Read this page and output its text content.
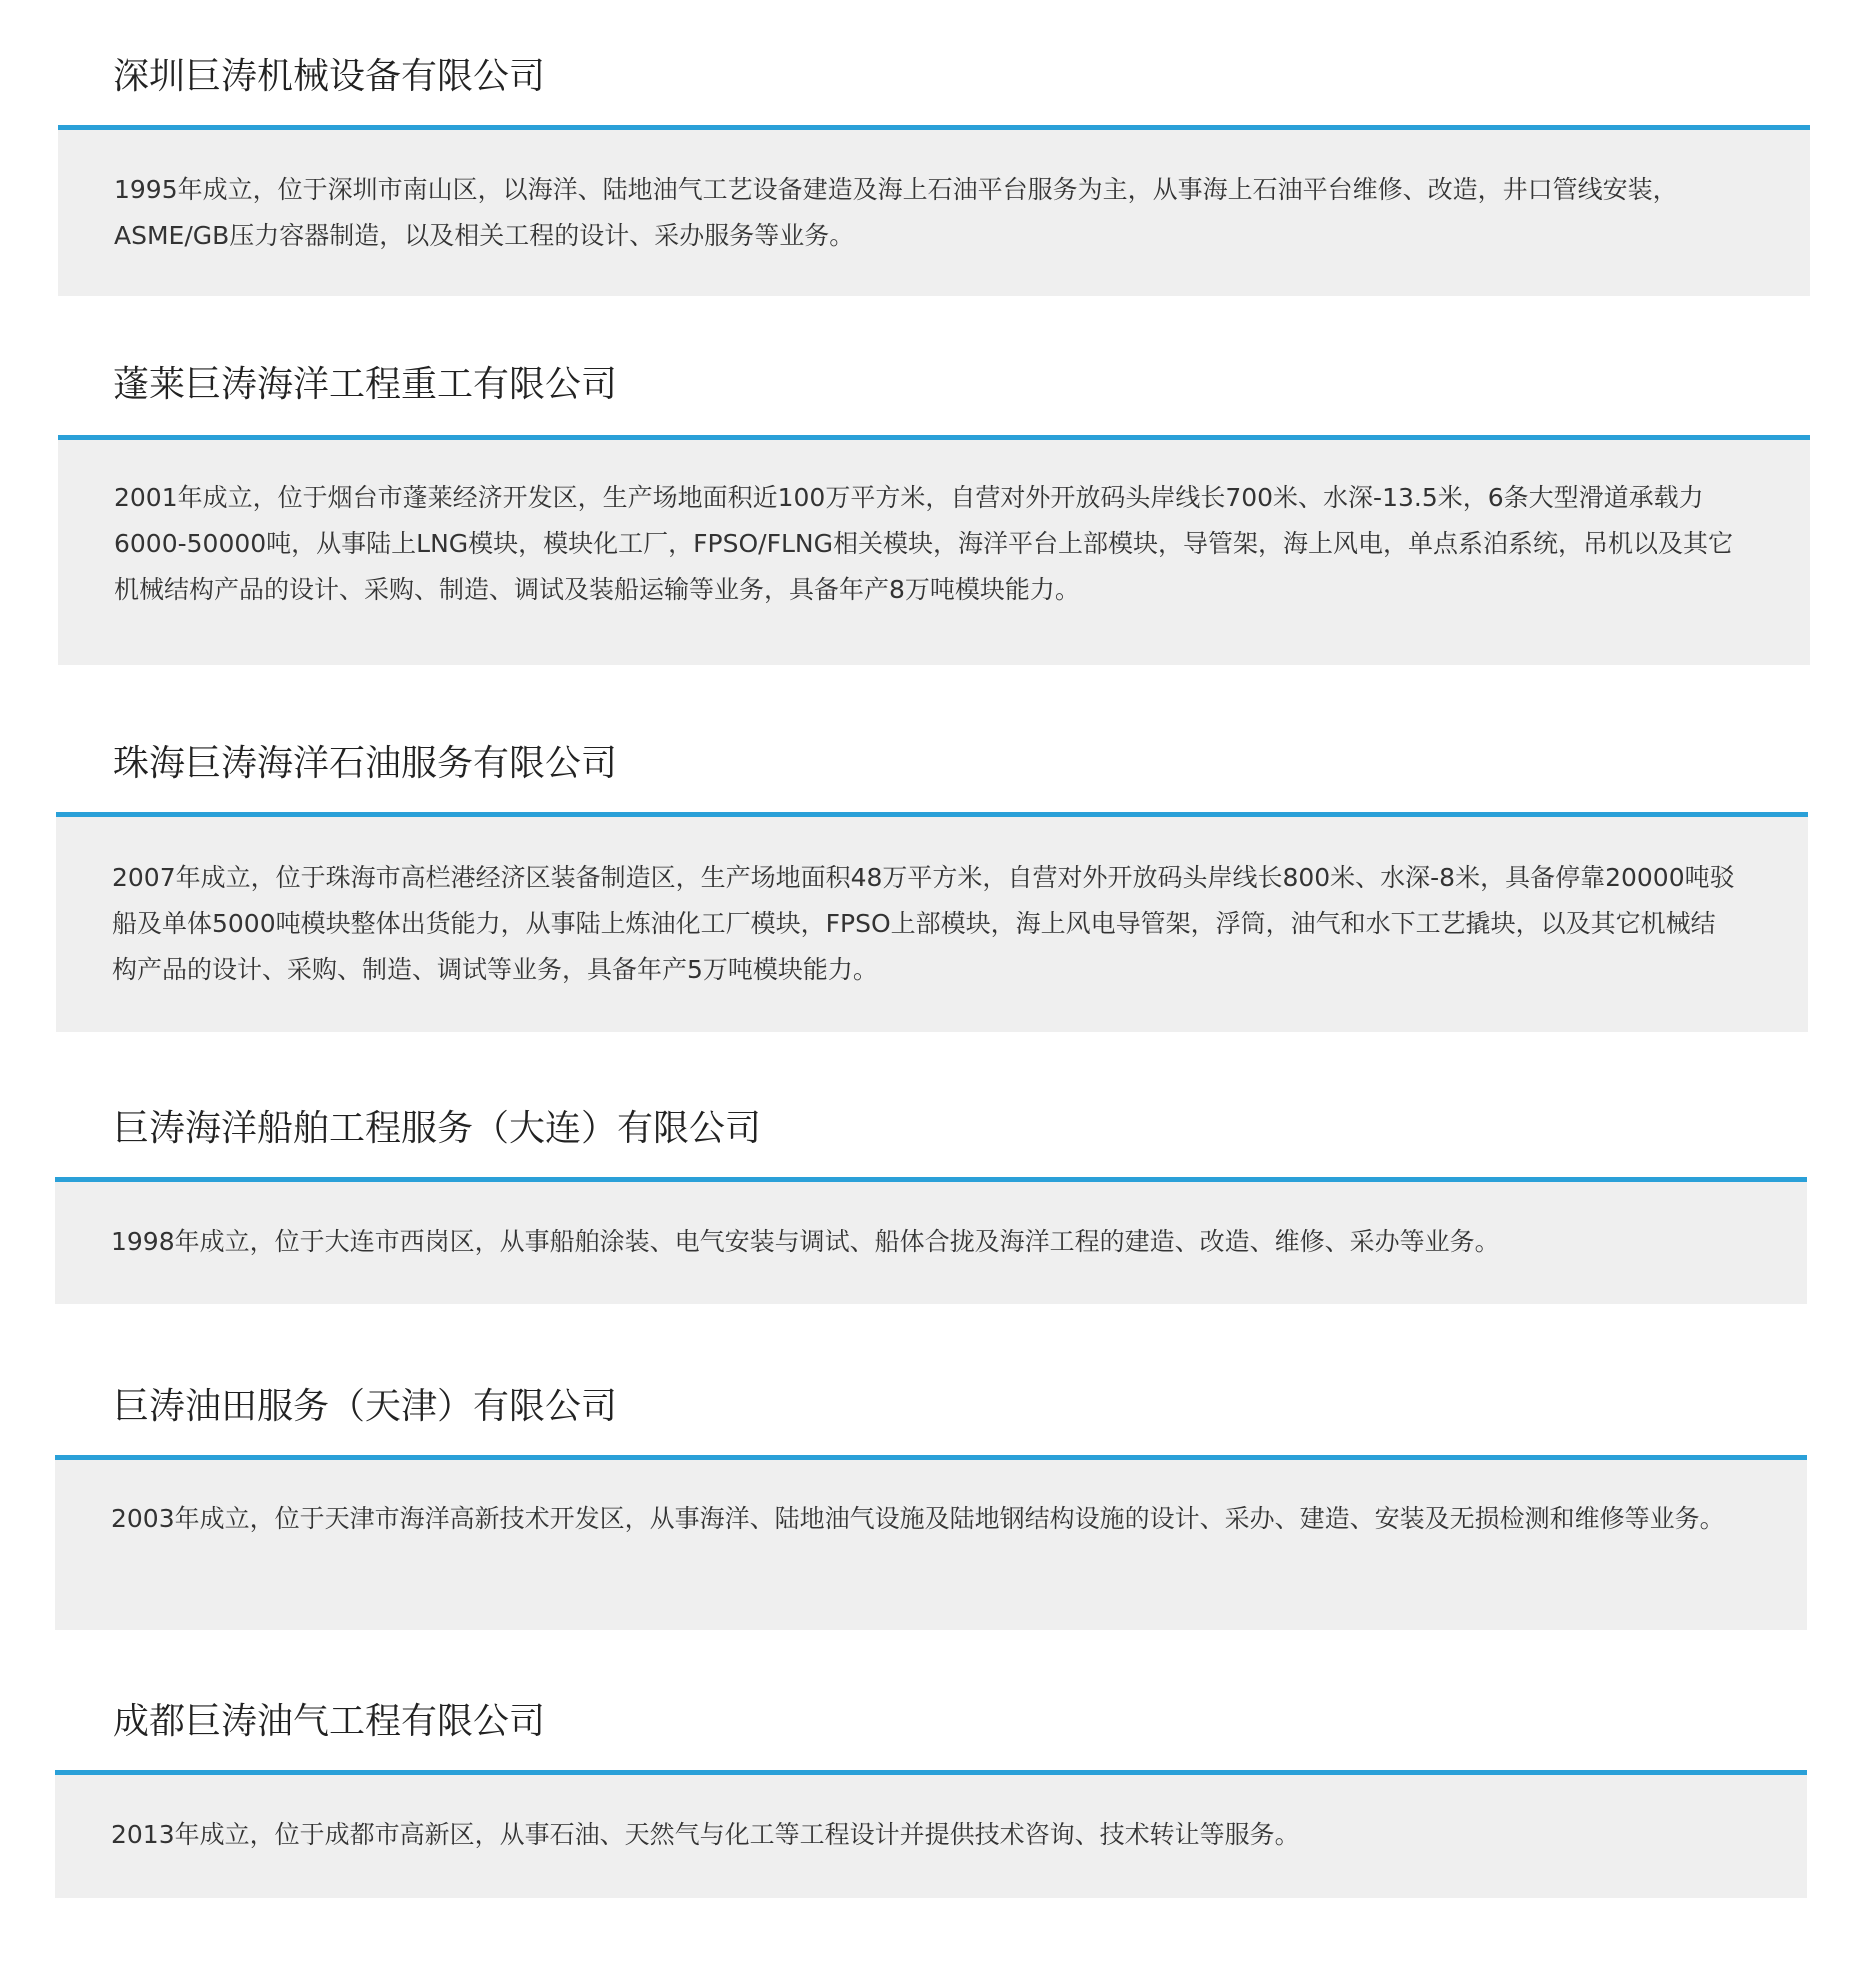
深圳巨涛机械设备有限公司

1995年成立，位于深圳市南山区，以海洋、陆地油气工艺设备建造及海上石油平台服务为主，从事海上石油平台维修、改造，井口管线安装，ASME/GB压力容器制造，以及相关工程的设计、采办服务等业务。

蓬莱巨涛海洋工程重工有限公司

2001年成立，位于烟台市蓬莱经济开发区，生产场地面积近100万平方米，自营对外开放码头岸线长700米、水深-13.5米，6条大型滑道承载力6000-50000吨，从事陆上LNG模块，模块化工厂，FPSO/FLNG相关模块，海洋平台上部模块，导管架，海上风电，单点系泊系统，吊机以及其它机械结构产品的设计、采购、制造、调试及装船运输等业务，具备年产8万吨模块能力。

珠海巨涛海洋石油服务有限公司

2007年成立，位于珠海市高栏港经济区装备制造区，生产场地面积48万平方米，自营对外开放码头岸线长800米、水深-8米，具备停靠20000吨驳船及单体5000吨模块整体出货能力，从事陆上炼油化工厂模块，FPSO上部模块，海上风电导管架，浮筒，油气和水下工艺撬块，以及其它机械结构产品的设计、采购、制造、调试等业务，具备年产5万吨模块能力。

巨涛海洋船舶工程服务（大连）有限公司

1998年成立，位于大连市西岗区，从事船舶涂装、电气安装与调试、船体合拢及海洋工程的建造、改造、维修、采办等业务。

巨涛油田服务（天津）有限公司

2003年成立，位于天津市海洋高新技术开发区，从事海洋、陆地油气设施及陆地钢结构设施的设计、采办、建造、安装及无损检测和维修等业务。

成都巨涛油气工程有限公司

2013年成立，位于成都市高新区，从事石油、天然气与化工等工程设计并提供技术咨询、技术转让等服务。
